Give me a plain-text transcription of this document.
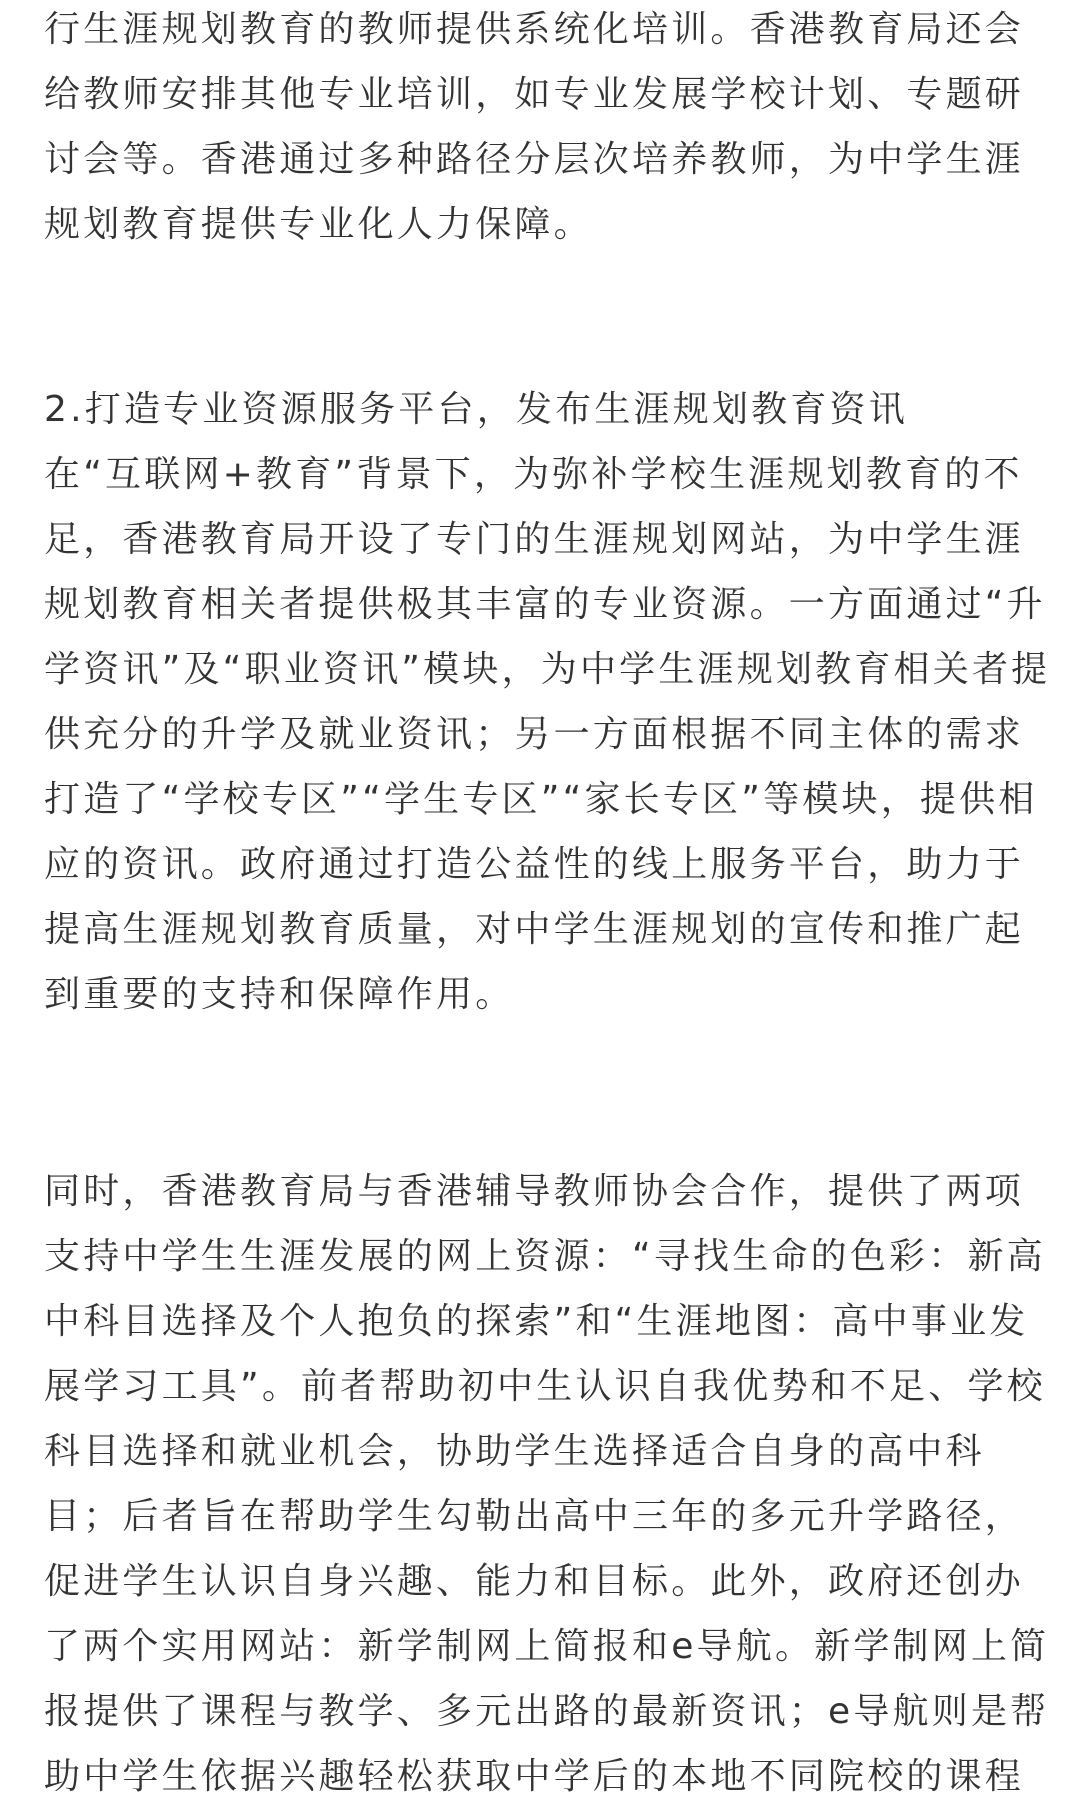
行生涯规划教育的教师提供系统化培训。香港教育局还会
给教师安排其他专业培训，如专业发展学校计划、专题研
讨会等。香港通过多种路径分层次培养教师，为中学生涯
规划教育提供专业化人力保障。
2.打造专业资源服务平台，发布生涯规划教育资讯
在“互联网+教育”背景下，为弥补学校生涯规划教育的不
足，香港教育局开设了专门的生涯规划网站，为中学生涯
规划教育相关者提供极其丰富的专业资源。一方面通过“升
学资讯”及“职业资讯”模块，为中学生涯规划教育相关者提
供充分的升学及就业资讯；另一方面根据不同主体的需求
打造了“学校专区”“学生专区”“家长专区”等模块，提供相
应的资讯。政府通过打造公益性的线上服务平台，助力于
提高生涯规划教育质量，对中学生涯规划的宣传和推广起
到重要的支持和保障作用。
同时，香港教育局与香港辅导教师协会合作，提供了两项
支持中学生生涯发展的网上资源：“寻找生命的色彩：新高
中科目选择及个人抱负的探索”和“生涯地图：高中事业发
展学习工具”。前者帮助初中生认识自我优势和不足、学校
科目选择和就业机会，协助学生选择适合自身的高中科
目；后者旨在帮助学生勾勒出高中三年的多元升学路径，
促进学生认识自身兴趣、能力和目标。此外，政府还创办
了两个实用网站：新学制网上简报和e导航。新学制网上简
报提供了课程与教学、多元出路的最新资讯；e导航则是帮
助中学生依据兴趣轻松获取中学后的本地不同院校的课程
